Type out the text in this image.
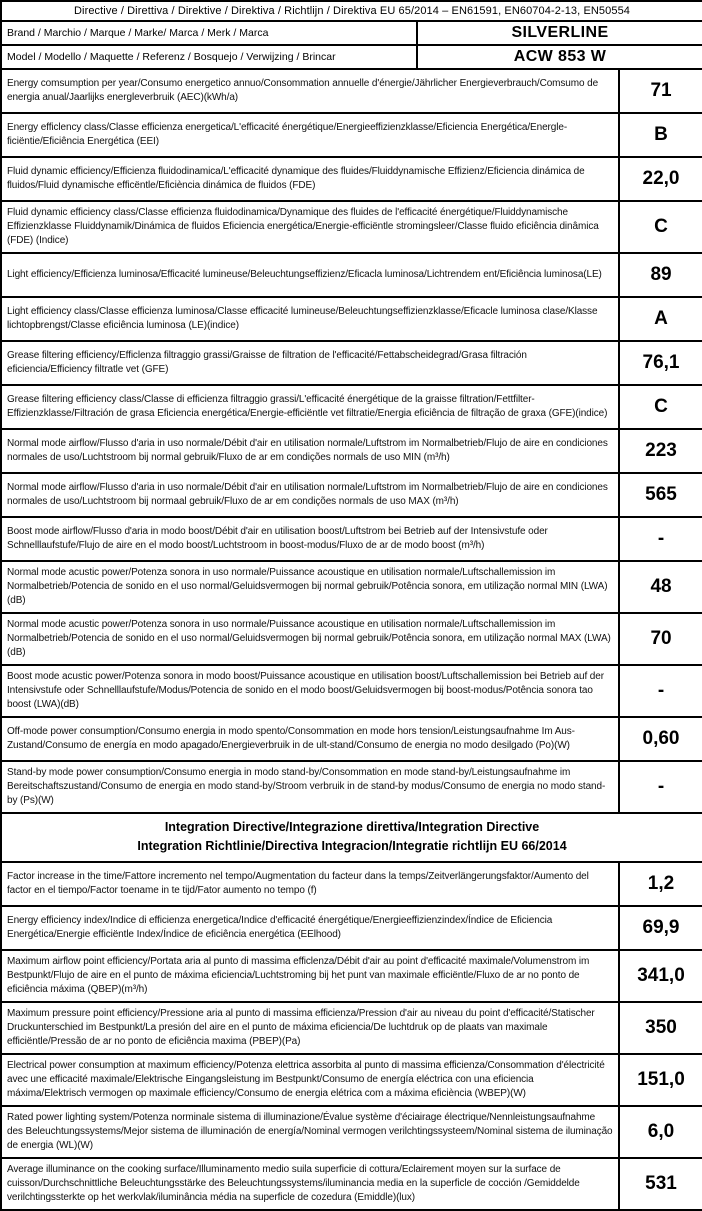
Directive / Direttiva / Direktive / Direktiva / Richtlijn / Direktiva EU 65/2014 – EN61591, EN60704-2-13, EN50554		
Brand / Marchio / Marque / Marke/ Marca / Merk / Marca	SILVERLINE	
Model / Modello / Maquette / Referenz / Bosquejo / Verwijzing / Brincar	ACW 853 W	
Energy comsumption per year/Consumo energetico annuo/Consommation annuelle d'énergie/Jährlicher Energieverbrauch/Comsumo de energia anual/Jaarlijks energleverbruik (AEC)(kWh/a)		71
Energy efficlency class/Classe efficienza energetica/L'efficacité énergétique/Energieeffizienzklasse/Eficiencia Energética/Energle-ficiëntie/Eficiência Energética (EEI)		B
Fluid dynamic efficiency/Efficienza fluidodinamica/L'efficacité dynamique des fluides/Fluiddynamische Effizienz/Eficiencia dinámica de fluidos/Fluid dynamische efficëntle/Eficiència dinámica de fluidos (FDE)		22,0
Fluid dynamic efficiency class/Classe efficienza fluidodinamica/Dynamique des fluides de l'efficacité énergétique/Fluiddynamische Effizienzklasse Fluiddynamik/Dinámica de fluidos Eficiencia energética/Energie-efficiëntle stromingsleer/Classe fluido eficiência dinâmica (FDE) (Indice)		C
Light efficiency/Efficienza luminosa/Efficacité lumineuse/Beleuchtungseffizienz/Eficacla luminosa/Lichtrendem ent/Eficiência luminosa(LE)		89
Light efficiency class/Classe efficienza luminosa/Classe efficacité lumineuse/Beleuchtungseffizienzklasse/Eficacle luminosa clase/Klasse lichtopbrengst/Classe eficiência luminosa (LE)(indice)		A
Grease filtering efficiency/Efficlenza filtraggio grassi/Graisse de filtration de l'efficacité/Fettabscheidegrad/Grasa filtración eficiencia/Efficiency filtratle vet (GFE)		76,1
Grease filtering efficiency class/Classe di efficienza filtraggio grassi/L'efficacité énergétique de la graisse filtration/Fettfilter-Effizienzklasse/Filtración de grasa Eficiencia energética/Energie-efficiëntle vet filtratie/Energia eficiência de filtração de graxa (GFE)(indice)		C
Normal mode airflow/Flusso d'aria in uso normale/Débit d'air en utilisation normale/Luftstrom im Normalbetrieb/Flujo de aire en condiciones normales de uso/Luchtstroom bij normal gebruik/Fluxo de ar em condições normals de uso MIN (m³/h)		223
Normal mode airflow/Flusso d'aria in uso normale/Débit d'air en utilisation normale/Luftstrom im Normalbetrieb/Flujo de aire en condiciones normales de uso/Luchtstroom bij normaal gebruik/Fluxo de ar em condições normals de uso MAX (m³/h)		565
Boost mode airflow/Flusso d'aria in modo boost/Débit d'air en utilisation boost/Luftstrom bei Betrieb auf der Intensivstufe oder Schnelllaufstufe/Flujo de aire en el modo boost/Luchtstroom in boost-modus/Fluxo de ar de modo boost (m³/h)		-
Normal mode acustic power/Potenza sonora in uso normale/Puissance acoustique en utilisation normale/Luftschallemission im Normalbetrieb/Potencia de sonido en el uso normal/Geluidsvermogen bij normal gebruik/Potência sonora, em utilização normal MIN (LWA)(dB)		48
Normal mode acustic power/Potenza sonora in uso normale/Puissance acoustique en utilisation normale/Luftschallemission im Normalbetrieb/Potencia de sonido en el uso normal/Geluidsvermogen bij normal gebruik/Potência sonora, em utilização normal MAX (LWA)(dB)		70
Boost mode acustic power/Potenza sonora in modo boost/Puissance acoustique en utilisation boost/Luftschallemission bei Betrieb auf der Intensivstufe oder Schnelllaufstufe/Modus/Potencia de sonido en el modo boost/Geluidsvermogen bij boost-modus/Potência sonora tao boost (LWA)(dB)		-
Off-mode power consumption/Consumo energia in modo spento/Consommation en mode hors tension/Leistungsaufnahme Im Aus-Zustand/Consumo de energía en modo apagado/Energieverbruik in de ult-stand/Consumo de energia no modo desilgado (Po)(W)		0,60
Stand-by mode power consumption/Consumo energia in modo stand-by/Consommation en mode stand-by/Leistungsaufnahme im Bereitschaftszustand/Consumo de energia en modo stand-by/Stroom verbruik in de stand-by modus/Consumo de energia no modo stand-by (Ps)(W)		-

Integration Directive/Integrazione direttiva/Integration Directive
Integration Richtlinie/Directiva Integracion/Integratie richtlijn EU 66/2014		

Factor increase in the time/Fattore incremento nel tempo/Augmentation du facteur dans la temps/Zeitverlängerungsfaktor/Aumento del factor en el tiempo/Factor toename in te tijd/Fator aumento no tempo (f)		1,2
Energy efficiency index/Indice di efficienza energetica/Indice d'efficacité énergétique/Energieeffizienzindex/Índice de Eficiencia Energética/Energie efficiëntle Index/Índice de eficiência energética (EElhood)		69,9
Maximum airflow point efficiency/Portata aria al punto di massima efficlenza/Débit d'air au point d'efficacité maximale/Volumenstrom im Bestpunkt/Flujo de aire en el punto de máxima eficiencia/Luchtstroming bij het punt van maximale efficiëntle/Fluxo de ar no ponto de eficiência máxima (QBEP)(m³/h)		341,0
Maximum pressure point efficiency/Pressione aria al punto di massima efficienza/Pression d'air au niveau du point d'efficacité/Statischer Druckunterschied im Bestpunkt/La presión del aire en el punto de máxima eficiencia/De luchtdruk op de plaats van maximale efficiëntle/Pressão de ar no ponto de eficiência maxima (PBEP)(Pa)		350
Electrical power consumption at maximum efficiency/Potenza elettrica assorbita al punto di massima efficienza/Consommation d'électricité avec une efficacité maximale/Elektrische Eingangsleistung im Bestpunkt/Consumo de energía eléctrica con una eficiencia máxima/Elektrisch vermogen op maximale efficiency/Consumo de energia elétrica com a máxima eficiència (WBEP)(W)		151,0
Rated power lighting system/Potenza norminale sistema di illuminazione/Évalue système d'éciairage électrique/Nennleistungsaufnahme des Beleuchtungssystems/Mejor sistema de illuminación de energía/Nominal vermogen verilchtingssysteem/Nominal sistema de iluminação de energia (WL)(W)		6,0
Average illuminance on the cooking surface/Illuminamento medio suila superficie di cottura/Eclairement moyen sur la surface de cuisson/Durchschnittliche Beleuchtungsstärke des Beleuchtungssystems/iluminancia media en la superficle de cocción /Gemiddelde verilchtingssterkte op het werkvlak/iluminância média na superficle de cozedura (Emiddle)(lux)		531
